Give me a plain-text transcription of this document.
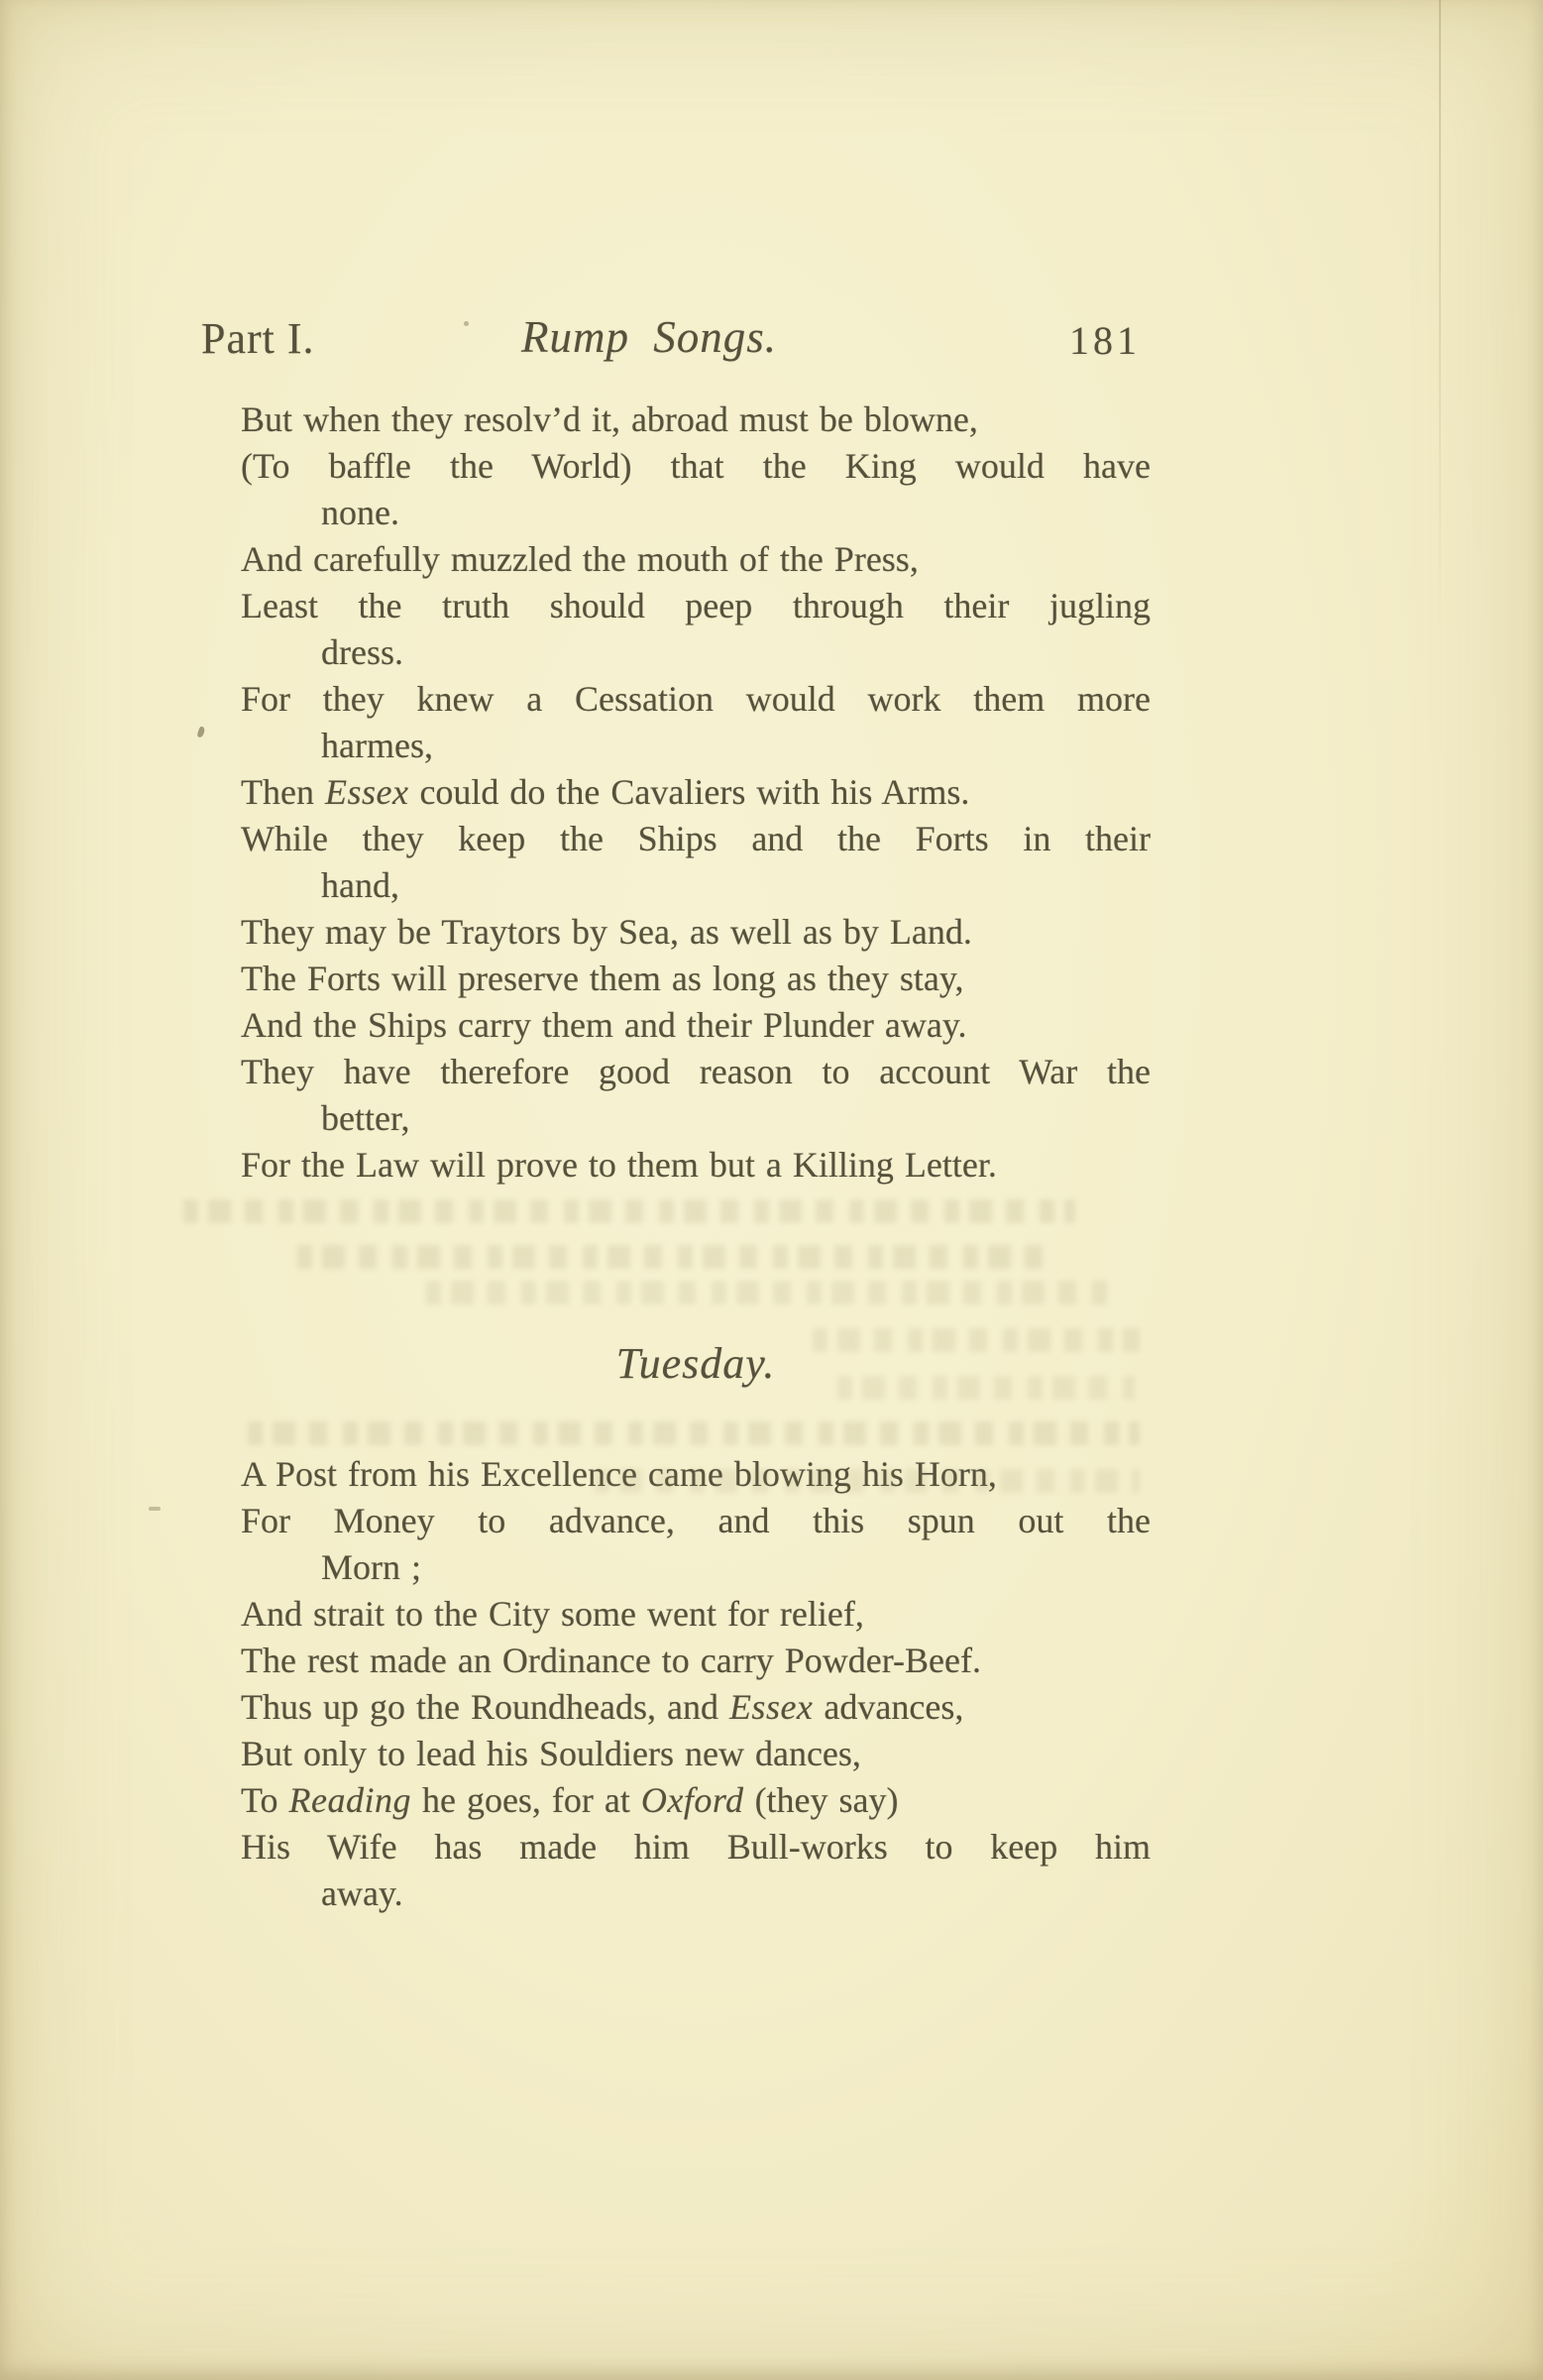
Part I.	Rump Songs.	181
But when they resolv’d it, abroad must be blowne,
(To baffle the World) that the King would have
none.
And carefully muzzled the mouth of the Press,
Least the truth should peep through their jugling
dress.
For they knew a Cessation would work them more
harmes,
Then Essex could do the Cavaliers with his Arms.
While they keep the Ships and the Forts in their
hand,
They may be Traytors by Sea, as well as by Land.
The Forts will preserve them as long as they stay,
And the Ships carry them and their Plunder away.
They have therefore good reason to account War the
better,
For the Law will prove to them but a Killing Letter.
Tuesday.
A Post from his Excellence came blowing his Horn,
For Money to advance, and this spun out the
Morn ;
And strait to the City some went for relief,
The rest made an Ordinance to carry Powder-Beef.
Thus up go the Roundheads, and Essex advances,
But only to lead his Souldiers new dances,
To Reading he goes, for at Oxford (they say)
His Wife has made him Bull-works to keep him
away.
